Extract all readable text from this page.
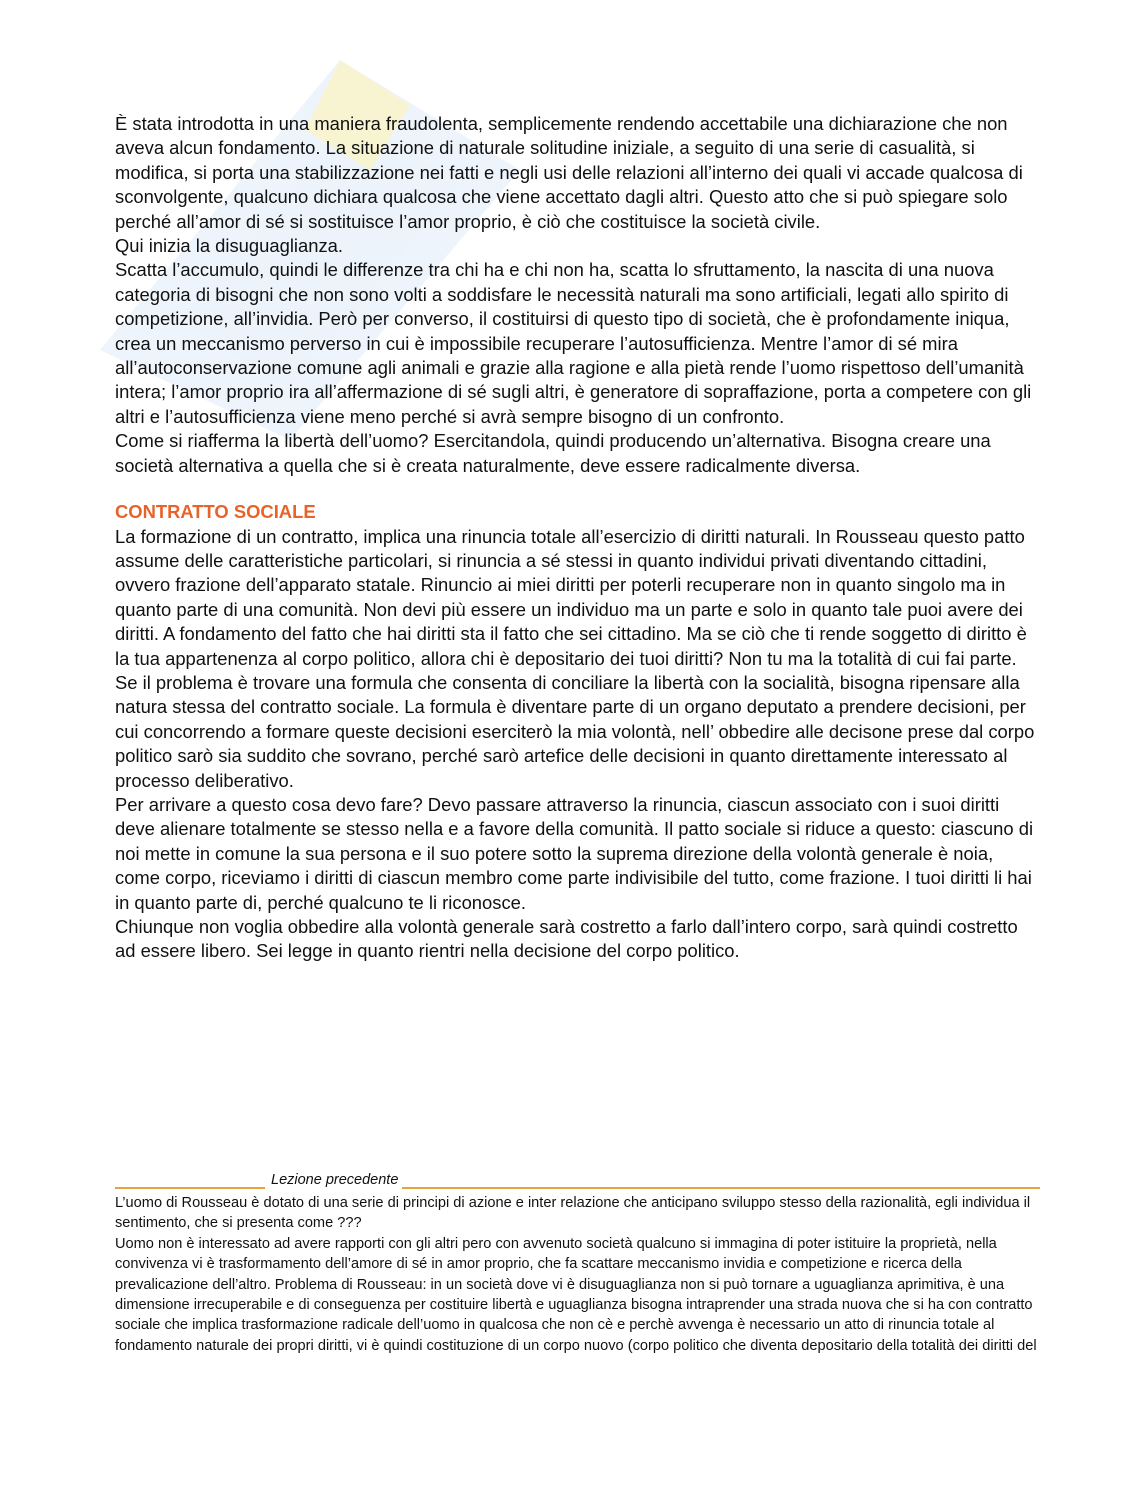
È stata introdotta in una maniera fraudolenta, semplicemente rendendo accettabile una dichiarazione che non aveva alcun fondamento. La situazione di naturale solitudine iniziale, a seguito di una serie di casualità, si modifica, si porta una stabilizzazione nei fatti e negli usi delle relazioni all’interno dei quali vi accade qualcosa di sconvolgente, qualcuno dichiara qualcosa che viene accettato dagli altri. Questo atto che si può spiegare solo perché all’amor di sé si sostituisce l’amor proprio, è ciò che costituisce la società civile.

Qui inizia la disuguaglianza.

Scatta l’accumulo, quindi le differenze tra chi ha e chi non ha, scatta lo sfruttamento, la nascita di una nuova categoria di bisogni che non sono volti a soddisfare le necessità naturali ma sono artificiali, legati allo spirito di competizione, all’invidia. Però per converso, il costituirsi di questo tipo di società, che è profondamente iniqua, crea un meccanismo perverso in cui è impossibile recuperare l’autosufficienza. Mentre l’amor di sé mira all’autoconservazione comune agli animali e grazie alla ragione e alla pietà rende l’uomo rispettoso dell’umanità intera; l’amor proprio ira all’affermazione di sé sugli altri, è generatore di sopraffazione, porta a competere con gli altri e l’autosufficienza viene meno perché si avrà sempre bisogno di un confronto.

Come si riafferma la libertà dell’uomo? Esercitandola, quindi producendo un’alternativa. Bisogna creare una società alternativa a quella che si è creata naturalmente, deve essere radicalmente diversa.

CONTRATTO SOCIALE

La formazione di un contratto, implica una rinuncia totale all’esercizio di diritti naturali. In Rousseau questo patto assume delle caratteristiche particolari, si rinuncia a sé stessi in quanto individui privati diventando cittadini, ovvero frazione dell’apparato statale. Rinuncio ai miei diritti per poterli recuperare non in quanto singolo ma in quanto parte di una comunità. Non devi più essere un individuo ma un parte e solo in quanto tale puoi avere dei diritti. A fondamento del fatto che hai diritti sta il fatto che sei cittadino. Ma se ciò che ti rende soggetto di diritto è la tua appartenenza al corpo politico, allora chi è depositario dei tuoi diritti? Non tu ma la totalità di cui fai parte.

Se il problema è trovare una formula che consenta di conciliare la libertà con la socialità, bisogna ripensare alla natura stessa del contratto sociale. La formula è diventare parte di un organo deputato a prendere decisioni, per cui concorrendo a formare queste decisioni eserciterò la mia volontà, nell’ obbedire alle decisone prese dal corpo politico sarò sia suddito che sovrano, perché sarò artefice delle decisioni in quanto direttamente interessato al processo deliberativo.

Per arrivare a questo cosa devo fare? Devo passare attraverso la rinuncia, ciascun associato con i suoi diritti deve alienare totalmente se stesso nella e a favore della comunità. Il patto sociale si riduce a questo: ciascuno di noi mette in comune la sua persona e il suo potere sotto la suprema direzione della volontà generale è noia, come corpo, riceviamo i diritti di ciascun membro come parte indivisibile del tutto, come frazione. I tuoi diritti li hai in quanto parte di, perché qualcuno te li riconosce.

Chiunque non voglia obbedire alla volontà generale sarà costretto a farlo dall’intero corpo, sarà quindi costretto ad essere libero. Sei legge in quanto rientri nella decisione del corpo politico.

Lezione precedente

L’uomo di Rousseau è dotato di una serie di principi di azione e inter relazione che anticipano sviluppo stesso della razionalità, egli individua il sentimento, che si presenta come ???

Uomo non è interessato ad avere rapporti con gli altri pero con avvenuto società qualcuno si immagina di poter istituire la proprietà, nella convivenza vi è trasformamento dell’amore di sé in amor proprio, che fa scattare meccanismo invidia e competizione e ricerca della prevalicazione dell’altro. Problema di Rousseau: in un società dove vi è disuguaglianza non si può tornare a uguaglianza aprimitiva, è una dimensione irrecuperabile e di conseguenza per costituire libertà e uguaglianza bisogna intraprender una strada nuova che si ha con contratto sociale che implica trasformazione radicale dell’uomo in qualcosa che non cè e perchè avvenga è necessario un atto di rinuncia totale al fondamento naturale dei propri diritti, vi è quindi costituzione di un corpo nuovo (corpo politico che diventa depositario della totalità dei diritti del
